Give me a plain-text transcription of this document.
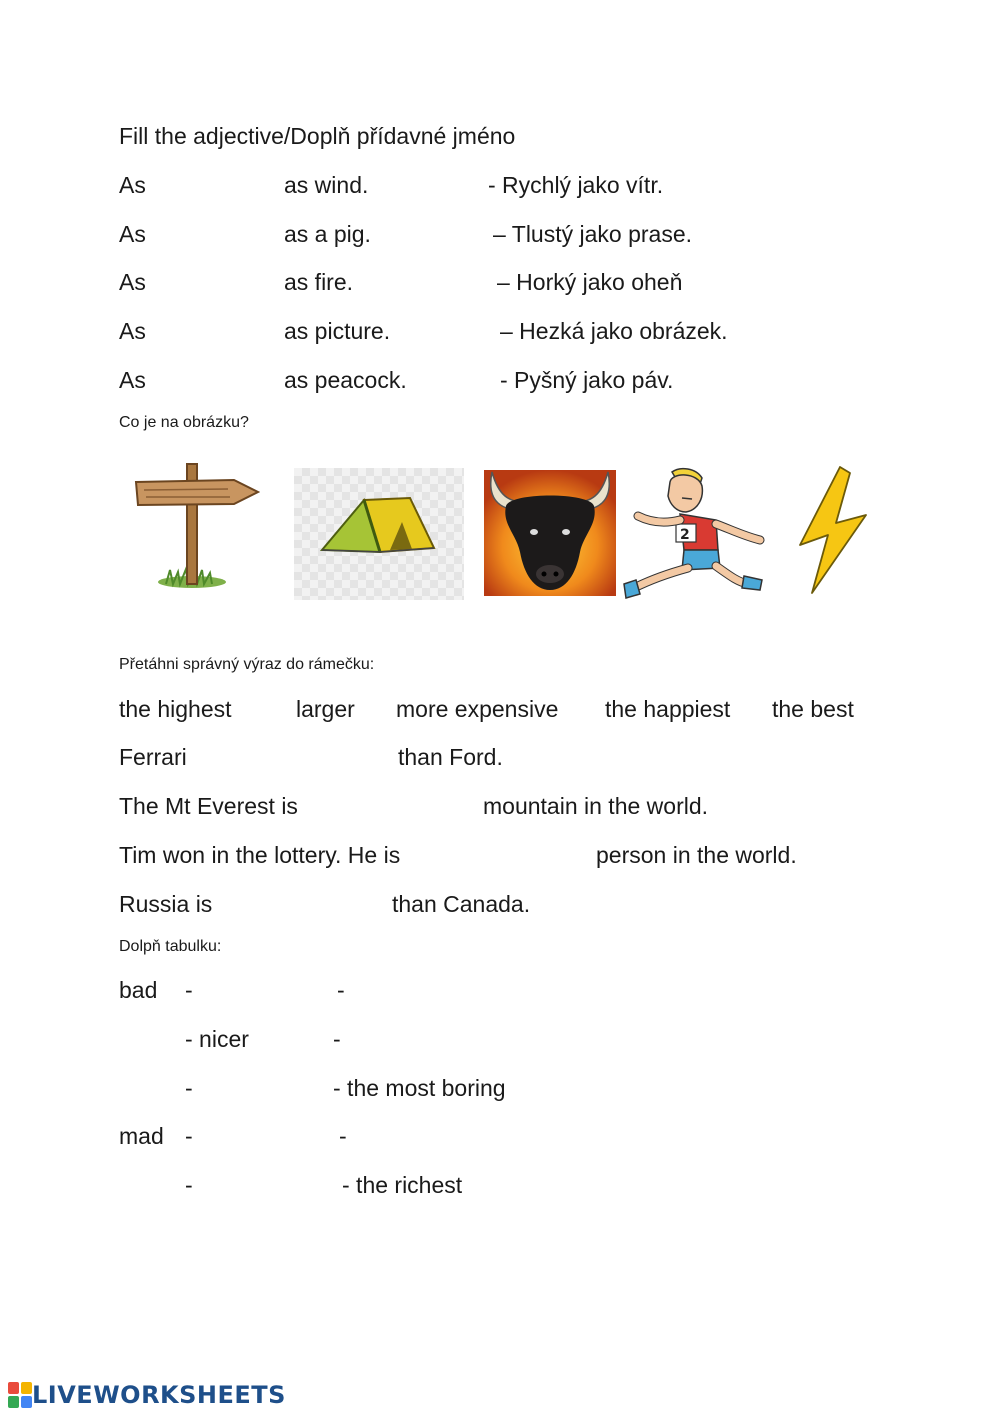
Fill the adjective/Doplň přídavné jméno
As	as wind.	- Rychlý jako vítr.
As	as a pig.	– Tlustý jako prase.
As	as fire.	– Horký jako oheň
As	as picture.	– Hezká jako obrázek.
As	as peacock.	- Pyšný jako páv.
Co je na obrázku?
2
Přetáhni správný výraz do rámečku:
the highest	larger more expensive the happiest the best
Ferrari	than Ford.
The Mt Everest is	mountain in the world.
Tim won in the lottery. He is	person in the world.
Russia is	than Canada.
Dolpň tabulku:
bad -	-
- nicer	-
-	- the most boring
mad -	-
-	- the richest
LIVEWORKSHEETS
